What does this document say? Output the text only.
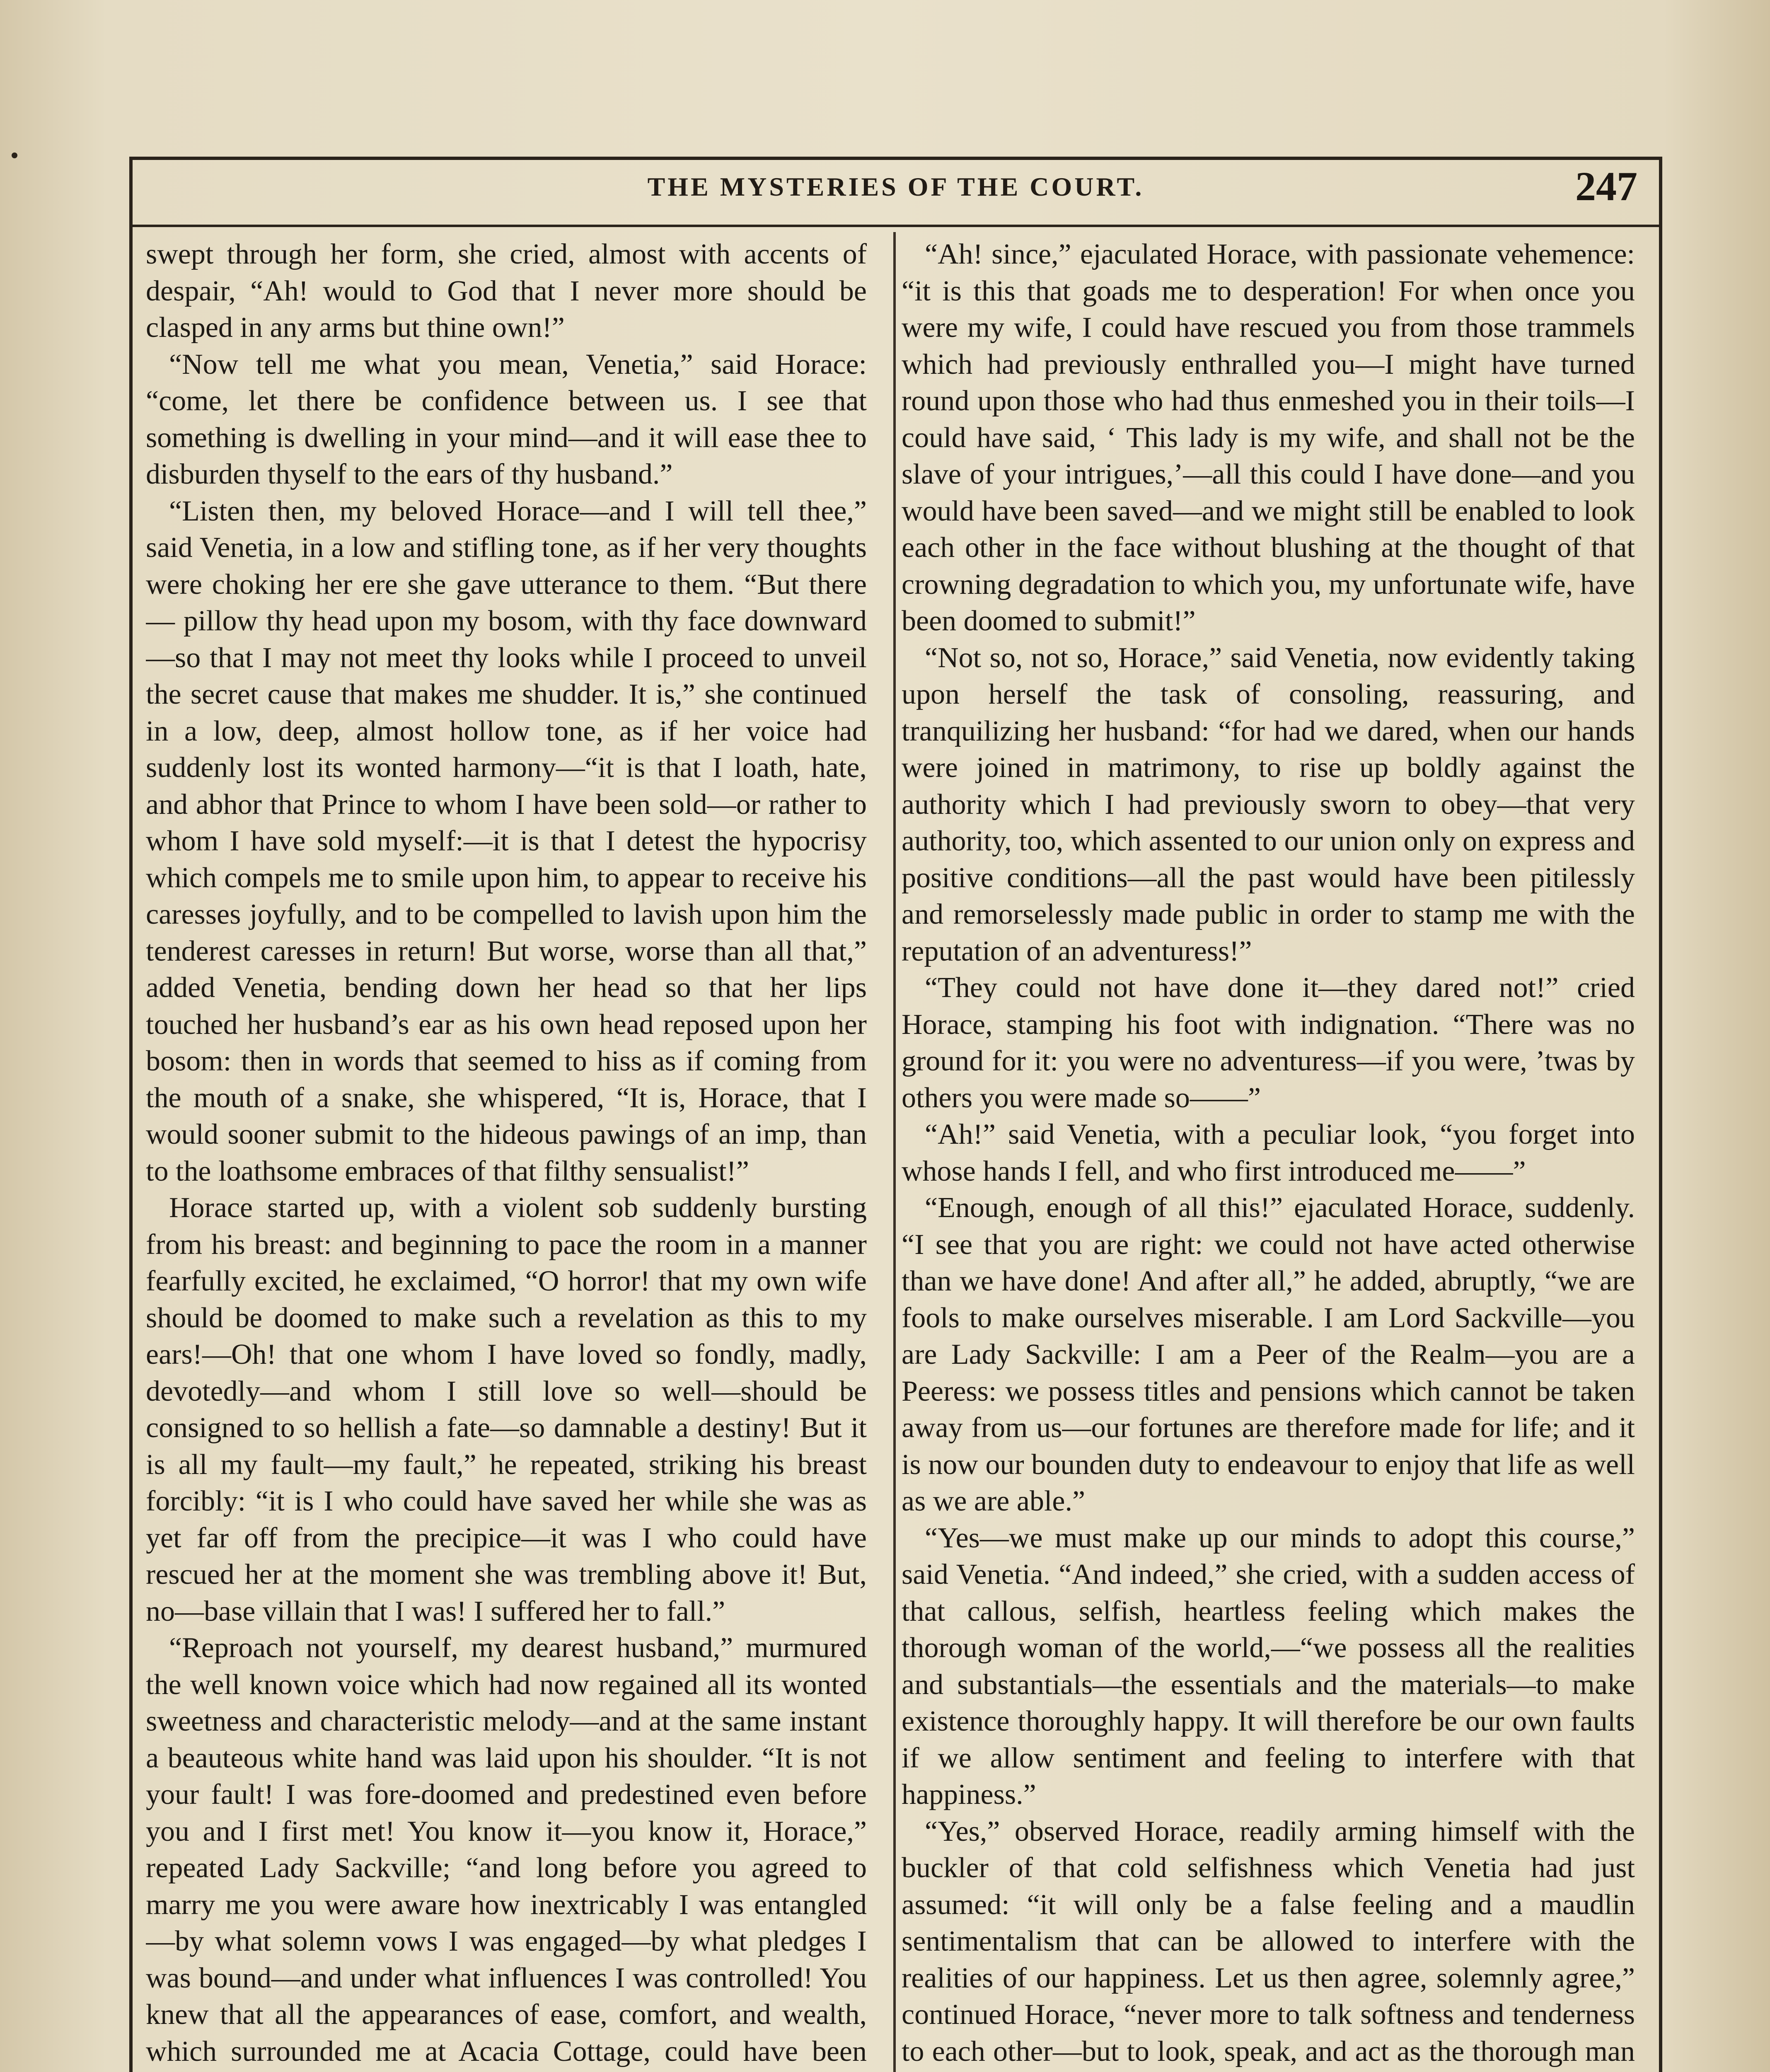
THE MYSTERIES OF THE COURT.	247

swept through her form, she cried, almost with accents of despair, “Ah! would to God that I never more should be clasped in any arms but thine own!”

“Now tell me what you mean, Venetia,” said Horace: “come, let there be confidence between us. I see that something is dwelling in your mind—and it will ease thee to disburden thyself to the ears of thy husband.”

“Listen then, my beloved Horace—and I will tell thee,” said Venetia, in a low and stifling tone, as if her very thoughts were choking her ere she gave utterance to them. “But there — pillow thy head upon my bosom, with thy face downward—so that I may not meet thy looks while I proceed to unveil the secret cause that makes me shudder. It is,” she continued in a low, deep, almost hollow tone, as if her voice had suddenly lost its wonted harmony—“it is that I loath, hate, and abhor that Prince to whom I have been sold—or rather to whom I have sold myself:—it is that I detest the hypocrisy which compels me to smile upon him, to appear to receive his caresses joyfully, and to be compelled to lavish upon him the tenderest caresses in return! But worse, worse than all that,” added Venetia, bending down her head so that her lips touched her husband’s ear as his own head reposed upon her bosom: then in words that seemed to hiss as if coming from the mouth of a snake, she whispered, “It is, Horace, that I would sooner submit to the hideous pawings of an imp, than to the loathsome embraces of that filthy sensualist!”

Horace started up, with a violent sob suddenly bursting from his breast: and beginning to pace the room in a manner fearfully excited, he exclaimed, “O horror! that my own wife should be doomed to make such a revelation as this to my ears!—Oh! that one whom I have loved so fondly, madly, devotedly—and whom I still love so well—should be consigned to so hellish a fate—so damnable a destiny! But it is all my fault—my fault,” he repeated, striking his breast forcibly: “it is I who could have saved her while she was as yet far off from the precipice—it was I who could have rescued her at the moment she was trembling above it! But, no—base villain that I was! I suffered her to fall.”

“Reproach not yourself, my dearest husband,” murmured the well known voice which had now regained all its wonted sweetness and characteristic melody—and at the same instant a beauteous white hand was laid upon his shoulder. “It is not your fault! I was fore-doomed and predestined even before you and I first met! You know it—you know it, Horace,” repeated Lady Sackville; “and long before you agreed to marry me you were aware how inextricably I was entangled—by what solemn vows I was engaged—by what pledges I was bound—and under what influences I was controlled! You knew that all the appearances of ease, comfort, and wealth, which surrounded me at Acacia Cottage, could have been

“Ah! since,” ejaculated Horace, with passionate vehemence: “it is this that goads me to desperation! For when once you were my wife, I could have rescued you from those trammels which had previously enthralled you—I might have turned round upon those who had thus enmeshed you in their toils—I could have said, ‘ This lady is my wife, and shall not be the slave of your intrigues,’—all this could I have done—and you would have been saved—and we might still be enabled to look each other in the face without blushing at the thought of that crowning degradation to which you, my unfortunate wife, have been doomed to submit!”

“Not so, not so, Horace,” said Venetia, now evidently taking upon herself the task of consoling, reassuring, and tranquilizing her husband: “for had we dared, when our hands were joined in matrimony, to rise up boldly against the authority which I had previously sworn to obey—that very authority, too, which assented to our union only on express and positive conditions—all the past would have been pitilessly and remorselessly made public in order to stamp me with the reputation of an adventuress!”

“They could not have done it—they dared not!” cried Horace, stamping his foot with indignation. “There was no ground for it: you were no adventuress—if you were, ’twas by others you were made so——”

“Ah!” said Venetia, with a peculiar look, “you forget into whose hands I fell, and who first introduced me——”

“Enough, enough of all this!” ejaculated Horace, suddenly. “I see that you are right: we could not have acted otherwise than we have done! And after all,” he added, abruptly, “we are fools to make ourselves miserable. I am Lord Sackville—you are Lady Sackville: I am a Peer of the Realm—you are a Peeress: we possess titles and pensions which cannot be taken away from us—our fortunes are therefore made for life; and it is now our bounden duty to endeavour to enjoy that life as well as we are able.”

“Yes—we must make up our minds to adopt this course,” said Venetia. “And indeed,” she cried, with a sudden access of that callous, selfish, heartless feeling which makes the thorough woman of the world,—“we possess all the realities and substantials—the essentials and the materials—to make existence thoroughly happy. It will therefore be our own faults if we allow sentiment and feeling to interfere with that happiness.”

“Yes,” observed Horace, readily arming himself with the buckler of that cold selfishness which Venetia had just assumed: “it will only be a false feeling and a maudlin sentimentalism that can be allowed to interfere with the realities of our happiness. Let us then agree, solemnly agree,” continued Horace, “never more to talk softness and tenderness to each other—but to look, speak, and act as the thorough man
